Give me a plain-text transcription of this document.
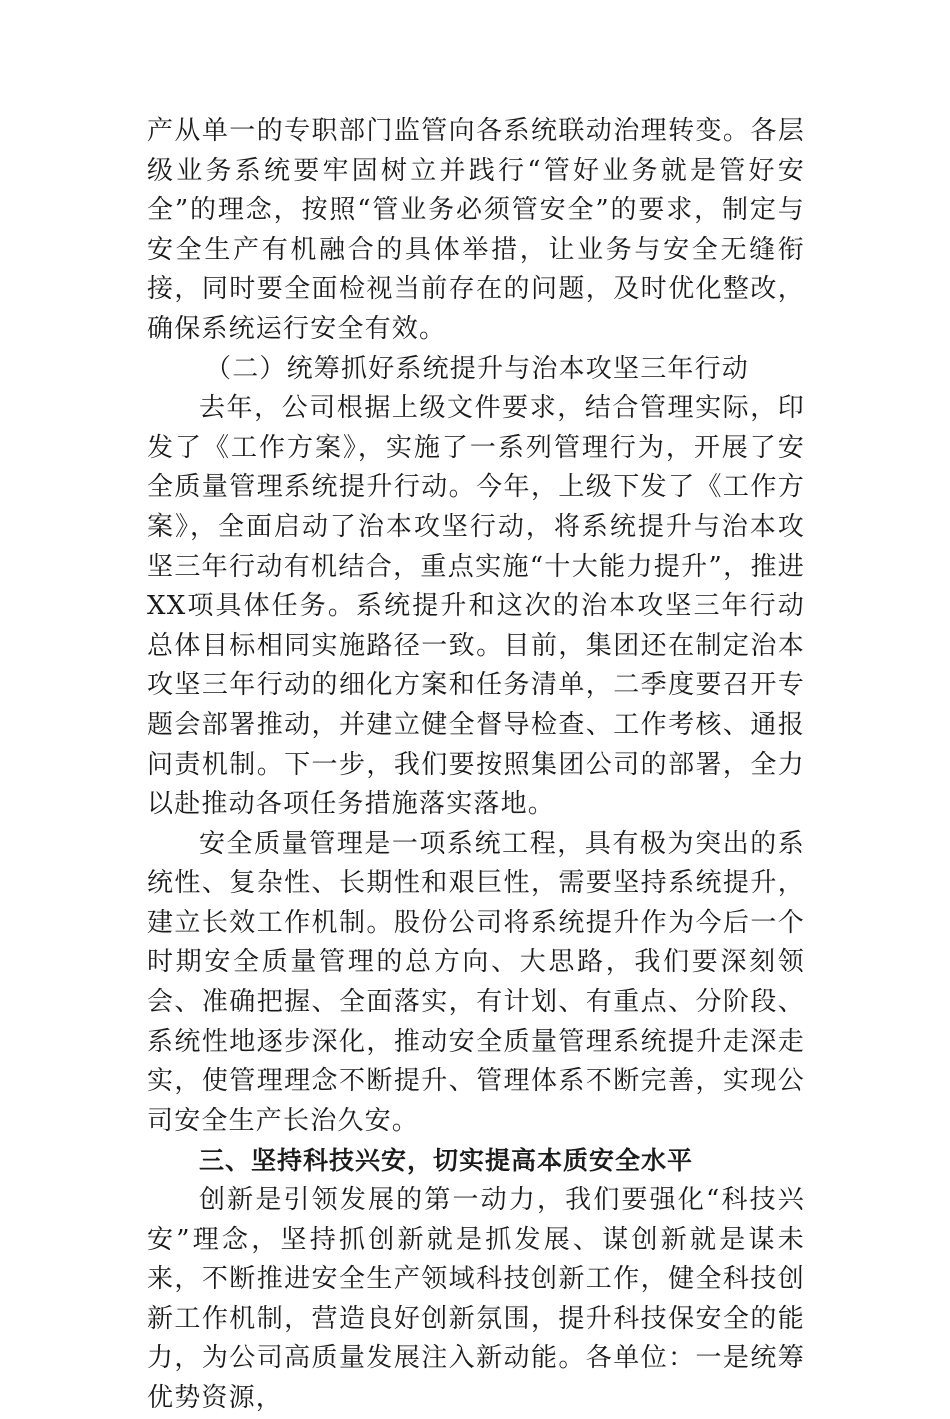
产从单一的专职部门监管向各系统联动治理转变。各层级业务系统要牢固树立并践行“管好业务就是管好安全”的理念，按照“管业务必须管安全”的要求，制定与安全生产有机融合的具体举措，让业务与安全无缝衔接，同时要全面检视当前存在的问题，及时优化整改，确保系统运行安全有效。

（二）统筹抓好系统提升与治本攻坚三年行动

去年，公司根据上级文件要求，结合管理实际，印发了《工作方案》，实施了一系列管理行为，开展了安全质量管理系统提升行动。今年，上级下发了《工作方案》，全面启动了治本攻坚行动，将系统提升与治本攻坚三年行动有机结合，重点实施“十大能力提升”，推进XX项具体任务。系统提升和这次的治本攻坚三年行动总体目标相同实施路径一致。目前，集团还在制定治本攻坚三年行动的细化方案和任务清单，二季度要召开专题会部署推动，并建立健全督导检查、工作考核、通报问责机制。下一步，我们要按照集团公司的部署，全力以赴推动各项任务措施落实落地。

安全质量管理是一项系统工程，具有极为突出的系统性、复杂性、长期性和艰巨性，需要坚持系统提升，建立长效工作机制。股份公司将系统提升作为今后一个时期安全质量管理的总方向、大思路，我们要深刻领会、准确把握、全面落实，有计划、有重点、分阶段、系统性地逐步深化，推动安全质量管理系统提升走深走实，使管理理念不断提升、管理体系不断完善，实现公司安全生产长治久安。

三、坚持科技兴安，切实提高本质安全水平

创新是引领发展的第一动力，我们要强化“科技兴安”理念，坚持抓创新就是抓发展、谋创新就是谋未来，不断推进安全生产领域科技创新工作，健全科技创新工作机制，营造良好创新氛围，提升科技保安全的能力，为公司高质量发展注入新动能。各单位：一是统筹优势资源，
